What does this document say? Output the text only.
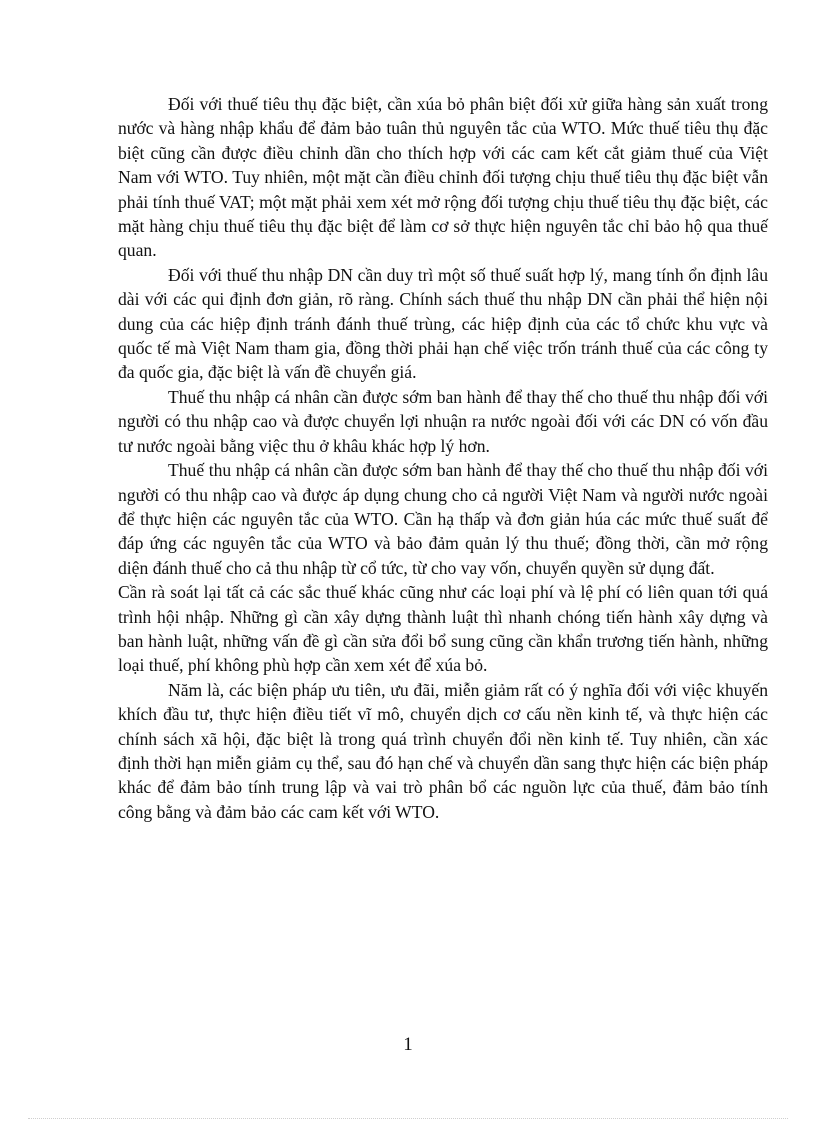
Đối với thuế tiêu thụ đặc biệt, cần xúa bỏ phân biệt đối xử giữa hàng sản xuất trong nước và hàng nhập khẩu để đảm bảo tuân thủ nguyên tắc của WTO. Mức thuế tiêu thụ đặc biệt cũng cần được điều chỉnh dần cho thích hợp với các cam kết cắt giảm thuế của Việt Nam với WTO. Tuy nhiên, một mặt cần điều chỉnh đối tượng chịu thuế tiêu thụ đặc biệt vẫn phải tính thuế VAT; một mặt phải xem xét mở rộng đối tượng chịu thuế tiêu thụ đặc biệt, các mặt hàng chịu thuế tiêu thụ đặc biệt để làm cơ sở thực hiện nguyên tắc chỉ bảo hộ qua thuế quan.

Đối với thuế thu nhập DN cần duy trì một số thuế suất hợp lý, mang tính ổn định lâu dài với các qui định đơn giản, rõ ràng. Chính sách thuế thu nhập DN cần phải thể hiện nội dung của các hiệp định tránh đánh thuế trùng, các hiệp định của các tổ chức khu vực và quốc tế mà Việt Nam tham gia, đồng thời phải hạn chế việc trốn tránh thuế của các công ty đa quốc gia, đặc biệt là vấn đề chuyển giá.

Thuế thu nhập cá nhân cần được sớm ban hành để thay thế cho thuế thu nhập đối với người có thu nhập cao và được chuyển lợi nhuận ra nước ngoài đối với các DN có vốn đầu tư nước ngoài bằng việc thu ở khâu khác hợp lý hơn.

Thuế thu nhập cá nhân cần được sớm ban hành để thay thế cho thuế thu nhập đối với người có thu nhập cao và được áp dụng chung cho cả người Việt Nam và người nước ngoài để thực hiện các nguyên tắc của WTO. Cần hạ thấp và đơn giản húa các mức thuế suất để đáp ứng các nguyên tắc của WTO và bảo đảm quản lý thu thuế; đồng thời, cần mở rộng diện đánh thuế cho cả thu nhập từ cổ tức, từ cho vay vốn, chuyển quyền sử dụng đất.

Cần rà soát lại tất cả các sắc thuế khác cũng như các loại phí và lệ phí có liên quan tới quá trình hội nhập. Những gì cần xây dựng thành luật thì nhanh chóng tiến hành xây dựng và ban hành luật, những vấn đề gì cần sửa đổi bổ sung cũng cần khẩn trương tiến hành, những loại thuế, phí không phù hợp cần xem xét để xúa bỏ.

Năm là, các biện pháp ưu tiên, ưu đãi, miễn giảm rất có ý nghĩa đối với việc khuyến khích đầu tư, thực hiện điều tiết vĩ mô, chuyển dịch cơ cấu nền kinh tế, và thực hiện các chính sách xã hội, đặc biệt là trong quá trình chuyển đổi nền kinh tế. Tuy nhiên, cần xác định thời hạn miễn giảm cụ thể, sau đó hạn chế và chuyển dần sang thực hiện các biện pháp khác để đảm bảo tính trung lập và vai trò phân bổ các nguồn lực của thuế, đảm bảo tính công bằng và đảm bảo các cam kết với WTO.

1
